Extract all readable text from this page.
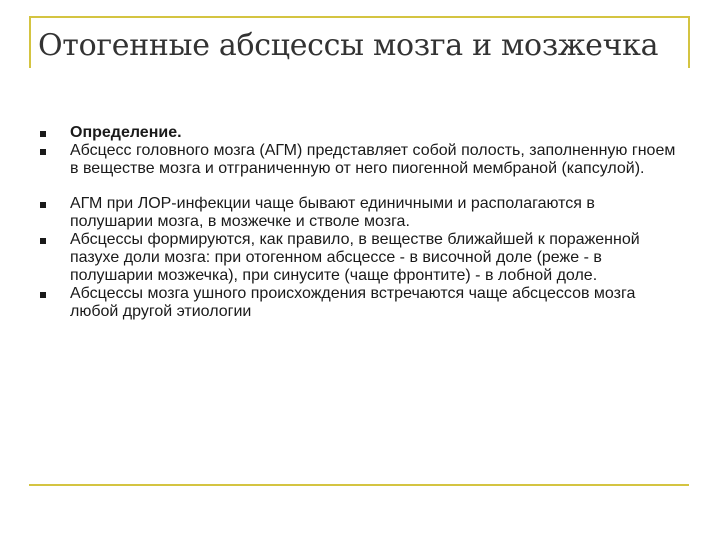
Отогенные абсцессы мозга и мозжечка
Определение.
Абсцесс головного мозга (АГМ) представляет собой полость, заполненную гноем в веществе мозга и отграниченную от него пиогенной мембраной (капсулой).
АГМ при ЛОР-инфекции чаще бывают единичными и располагаются в полушарии мозга, в мозжечке и стволе мозга.
Абсцессы формируются, как правило, в веществе ближайшей к пораженной пазухе доли мозга: при отогенном абсцессе - в височной доле (реже - в полушарии мозжечка), при синусите (чаще фронтите) - в лобной доле.
Абсцессы мозга ушного происхождения встречаются чаще абсцессов мозга любой другой этиологии
